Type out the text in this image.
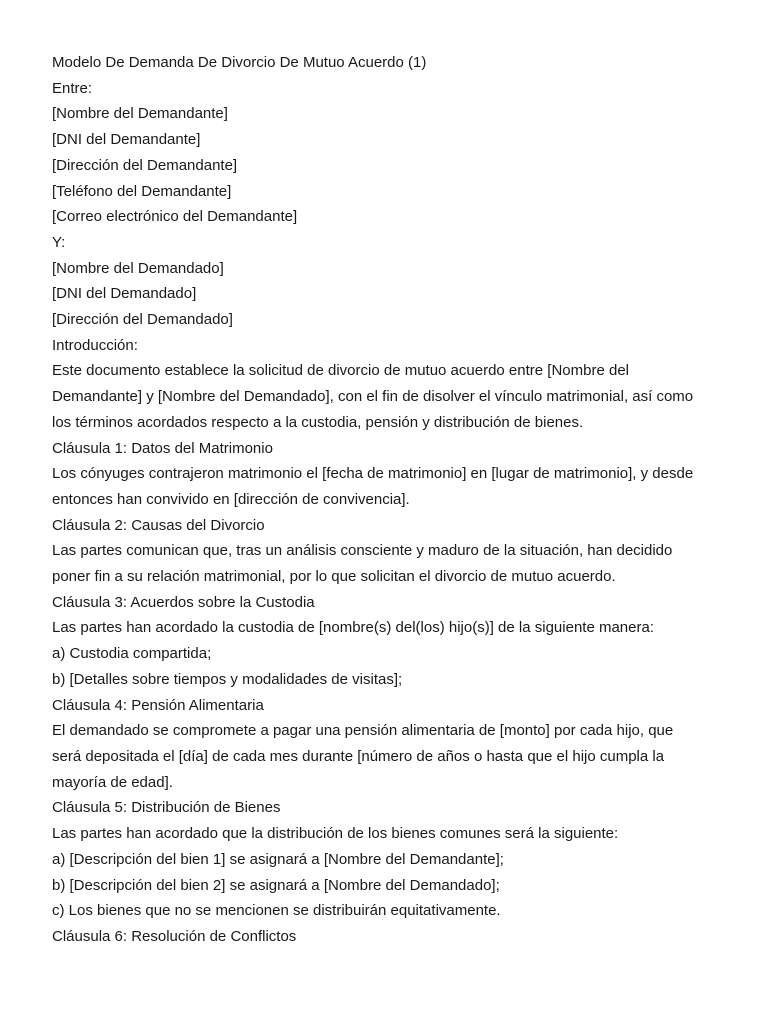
Modelo De Demanda De Divorcio De Mutuo Acuerdo (1)

Entre:

[Nombre del Demandante]

[DNI del Demandante]

[Dirección del Demandante]

[Teléfono del Demandante]

[Correo electrónico del Demandante]

Y:

[Nombre del Demandado]

[DNI del Demandado]

[Dirección del Demandado]

Introducción:

Este documento establece la solicitud de divorcio de mutuo acuerdo entre [Nombre del

Demandante] y [Nombre del Demandado], con el fin de disolver el vínculo matrimonial, así como

los términos acordados respecto a la custodia, pensión y distribución de bienes.

Cláusula 1: Datos del Matrimonio

Los cónyuges contrajeron matrimonio el [fecha de matrimonio] en [lugar de matrimonio], y desde

entonces han convivido en [dirección de convivencia].

Cláusula 2: Causas del Divorcio

Las partes comunican que, tras un análisis consciente y maduro de la situación, han decidido

poner fin a su relación matrimonial, por lo que solicitan el divorcio de mutuo acuerdo.

Cláusula 3: Acuerdos sobre la Custodia

Las partes han acordado la custodia de [nombre(s) del(los) hijo(s)] de la siguiente manera:

a) Custodia compartida;

b) [Detalles sobre tiempos y modalidades de visitas];

Cláusula 4: Pensión Alimentaria

El demandado se compromete a pagar una pensión alimentaria de [monto] por cada hijo, que

será depositada el [día] de cada mes durante [número de años o hasta que el hijo cumpla la

mayoría de edad].

Cláusula 5: Distribución de Bienes

Las partes han acordado que la distribución de los bienes comunes será la siguiente:

a) [Descripción del bien 1] se asignará a [Nombre del Demandante];

b) [Descripción del bien 2] se asignará a [Nombre del Demandado];

c) Los bienes que no se mencionen se distribuirán equitativamente.

Cláusula 6: Resolución de Conflictos
